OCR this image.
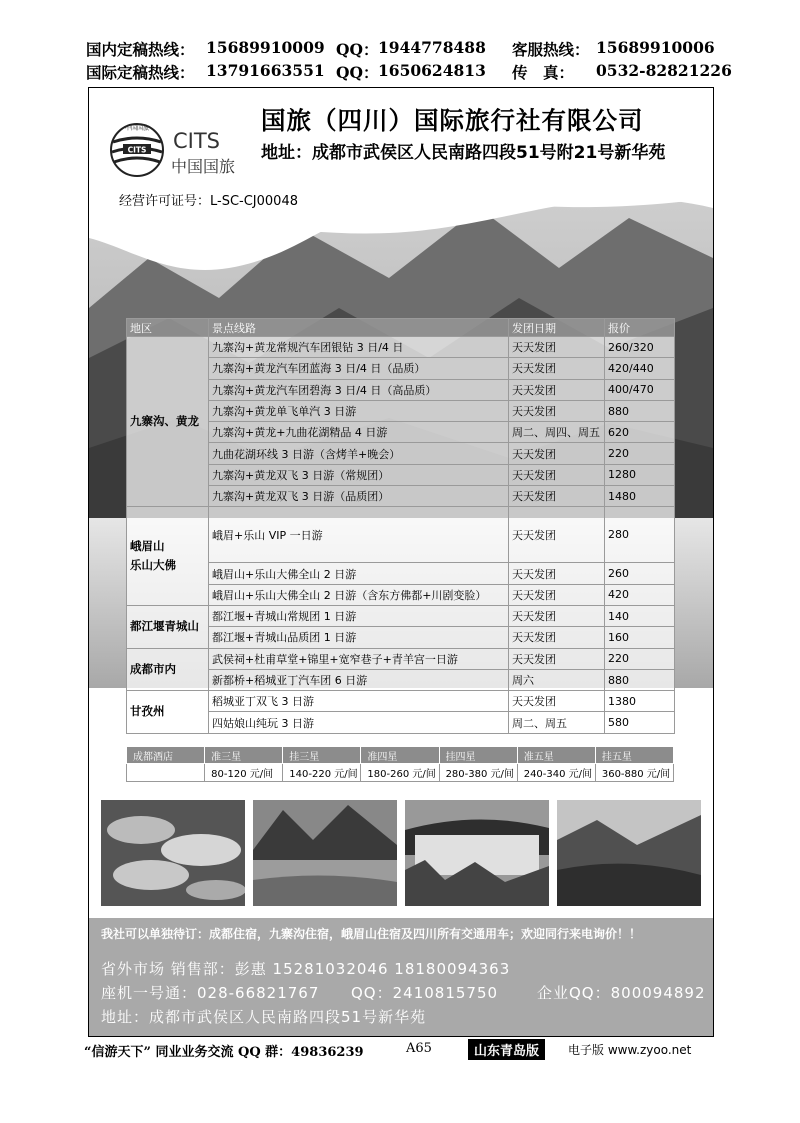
国内定稿热线： 15689910009 QQ： 1944778488 客服热线： 15689910006
国际定稿热线： 13791663551 QQ： 1650624813 传　真： 0532-82821226
CITS
中国国旅
CITS
中国国旅
国旅（四川）国际旅行社有限公司
地址：成都市武侯区人民南路四段51号附21号新华苑
经营许可证号：L-SC-CJ00048
地区	景点线路	发团日期	报价
九寨沟、黄龙	九寨沟+黄龙常规汽车团银钻 3 日/4 日	天天发团	260/320
	九寨沟+黄龙汽车团蓝海 3 日/4 日（品质）	天天发团	420/440
	九寨沟+黄龙汽车团碧海 3 日/4 日（高品质）	天天发团	400/470
	九寨沟+黄龙单飞单汽 3 日游	天天发团	880
	九寨沟+黄龙+九曲花湖精品 4 日游	周二、周四、周五	620
	九曲花湖环线 3 日游（含烤羊+晚会）	天天发团	220
	九寨沟+黄龙双飞 3 日游（常规团）	天天发团	1280
	九寨沟+黄龙双飞 3 日游（品质团）	天天发团	1480
峨眉山
乐山大佛	峨眉+乐山 VIP 一日游	天天发团	280
	峨眉山+乐山大佛全山 2 日游	天天发团	260
	峨眉山+乐山大佛全山 2 日游（含东方佛都+川剧变脸）	天天发团	420
都江堰青城山	都江堰+青城山常规团 1 日游	天天发团	140
	都江堰+青城山品质团 1 日游	天天发团	160
成都市内	武侯祠+杜甫草堂+锦里+宽窄巷子+青羊宫一日游	天天发团	220
	新都桥+稻城亚丁汽车团 6 日游	周六	880
甘孜州	稻城亚丁双飞 3 日游	天天发团	1380
	四姑娘山纯玩 3 日游	周二、周五	580
成都酒店	准三星	挂三星	准四星	挂四星	准五星	挂五星
	80-120 元/间	140-220 元/间	180-260 元/间	280-380 元/间	240-340 元/间	360-880 元/间
我社可以单独待订：成都住宿，九寨沟住宿，峨眉山住宿及四川所有交通用车；欢迎同行来电询价！！
省外市场 销售部：彭惠 15281032046 18180094363
座机一号通：028-66821767 QQ：2410815750	企业QQ：800094892
地址：成都市武侯区人民南路四段51号新华苑
“信游天下” 同业业务交流 QQ 群：49836239	A65	山东青岛版	电子版 www.zyoo.net
